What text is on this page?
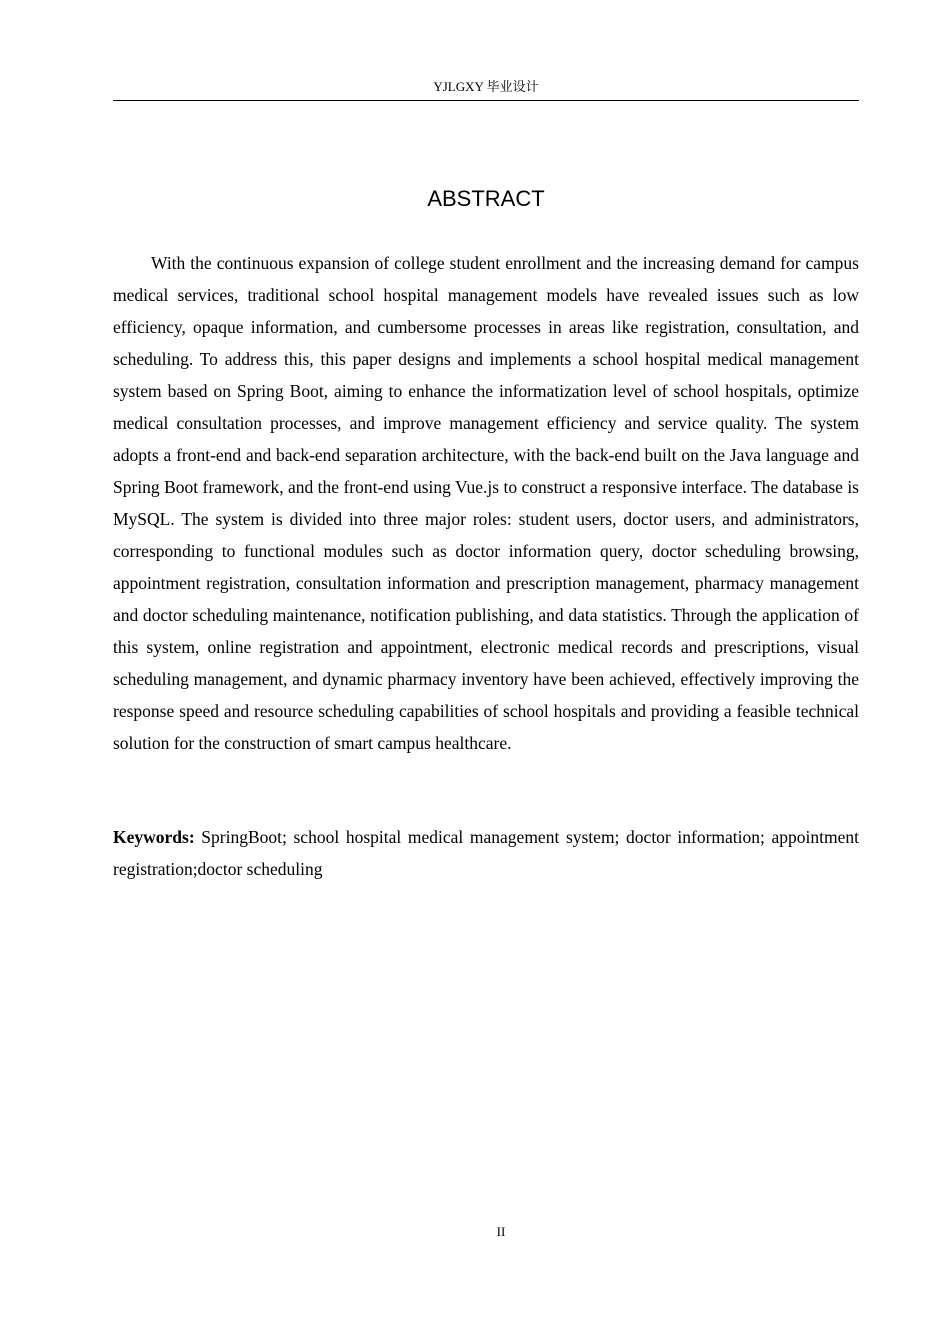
YJLGXY 毕业设计
ABSTRACT
With the continuous expansion of college student enrollment and the increasing demand for campus medical services, traditional school hospital management models have revealed issues such as low efficiency, opaque information, and cumbersome processes in areas like registration, consultation, and scheduling. To address this, this paper designs and implements a school hospital medical management system based on Spring Boot, aiming to enhance the informatization level of school hospitals, optimize medical consultation processes, and improve management efficiency and service quality. The system adopts a front-end and back-end separation architecture, with the back-end built on the Java language and Spring Boot framework, and the front-end using Vue.js to construct a responsive interface. The database is MySQL. The system is divided into three major roles: student users, doctor users, and administrators, corresponding to functional modules such as doctor information query, doctor scheduling browsing, appointment registration, consultation information and prescription management, pharmacy management and doctor scheduling maintenance, notification publishing, and data statistics. Through the application of this system, online registration and appointment, electronic medical records and prescriptions, visual scheduling management, and dynamic pharmacy inventory have been achieved, effectively improving the response speed and resource scheduling capabilities of school hospitals and providing a feasible technical solution for the construction of smart campus healthcare.
Keywords: SpringBoot; school hospital medical management system; doctor information; appointment registration;doctor scheduling
II
